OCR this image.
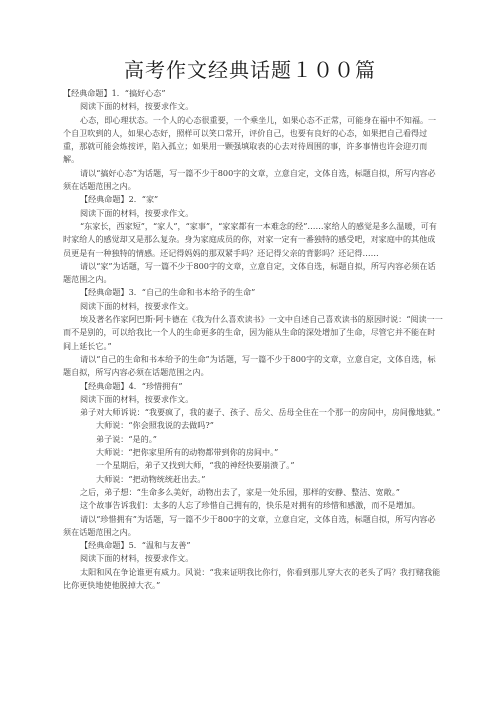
高考作文经典话题１００篇

【经典命题】1．“搞好心态”

阅读下面的材料，按要求作文。

心态，即心理状态。一个人的心态很重要，一个乘坐儿，如果心态不正常，可能身在福中不知福。一个自卫吹到的人，如果心态好，照样可以笑口常开，评价自己，也要有良好的心态，如果把自己看得过重，那就可能会炼按评，陷入孤立；如果用一颗强填取表的心去对待周围的事，许多事情也许会迎刃而解。

请以“搞好心态”为话题，写一篇不少于800字的文章，立意自定，文体自选，标题自拟，所写内容必须在话题范围之内。

【经典命题】2．“家”

阅读下面的材料，按要求作文。

“东家长，西家短”，“家人”，“家事”，“家家都有一本难念的经”……家给人的感觉是多么温暖，可有时家给人的感觉却又是那么复杂。身为家庭成员的你，对家一定有一番独特的感受吧，对家庭中的其他成员更是有一种独特的情感。还记得妈妈的那双紧手吗？还记得父亲的背影吗？还记得……

请以“家”为话题，写一篇不少于800字的文章，立意自定，文体自选，标题自拟，所写内容必须在话题范围之内。

【经典命题】3．“自己的生命和书本给予的生命”

阅读下面的材料，按要求作文。

埃及著名作家阿巴斯·阿卡德在《我为什么喜欢读书》一文中自述自己喜欢读书的原因时说：“阅读一一而不是别的，可以给我比一个人的生命更多的生命，因为能从生命的深处增加了生命，尽管它并不能在时间上延长它。”

请以“自己的生命和书本给予的生命”为话题，写一篇不少于800字的文章，立意自定，文体自选，标题自拟，所写内容必须在话题范围之内。

【经典命题】4．“珍惜拥有”

阅读下面的材料，按要求作文。

弟子对大师诉说：“我要疯了，我的妻子、孩子、岳父、岳母全住在一个那一的房间中，房间像地狱。”

大师说：“你会照我说的去做吗?”

弟子说：“是的。”

大师说：“把你家里所有的动物都带到你的房间中。”

一个星期后，弟子又找到大师，“我的神经快要崩溃了。”

大师说：“把动物统统赶出去。”

之后，弟子想：“生命多么美好，动物出去了，家是一处乐园，那样的安静、整洁、宽敞。”

这个故事告诉我们：太多的人忘了珍惜自己拥有的，快乐是对拥有的珍惜和感激，而不是增加。

请以“珍惜拥有”为话题，写一篇不少于800字的文章，立意自定，文体自选，标题自拟，所写内容必须在话题范围之内。

【经典命题】5．“温和与友善”

阅读下面的材料，按要求作文。

太阳和风在争论谁更有威力。风说：“我来证明我比你行，你看到那儿穿大衣的老头了吗？我打赌我能比你更快地使他脱掉大衣。”
